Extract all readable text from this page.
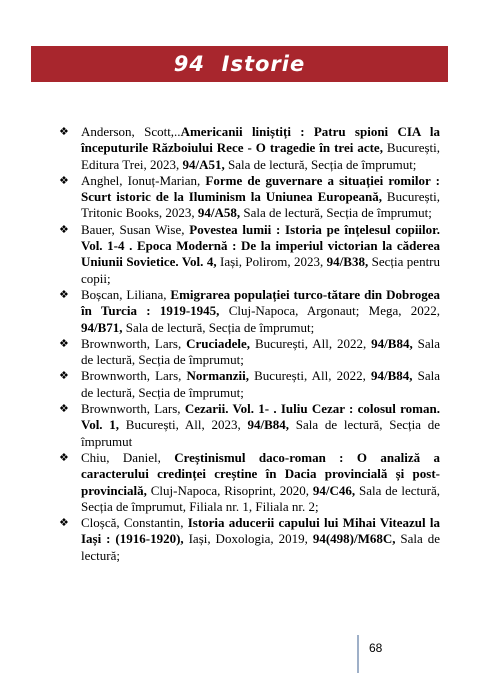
94  Istorie
❖ Anderson, Scott,..Americanii liniștiți : Patru spioni CIA la începuturile Războiului Rece - O tragedie în trei acte, București, Editura Trei, 2023, 94/A51, Sala de lectură, Secția de împrumut;
❖ Anghel, Ionuț-Marian, Forme de guvernare a situației romilor : Scurt istoric de la Iluminism la Uniunea Europeană, București, Tritonic Books, 2023, 94/A58, Sala de lectură, Secția de împrumut;
❖ Bauer, Susan Wise, Povestea lumii : Istoria pe înțelesul copiilor. Vol. 1-4 . Epoca Modernă : De la imperiul victorian la căderea Uniunii Sovietice. Vol. 4, Iași, Polirom, 2023, 94/B38, Secția pentru copii;
❖ Boșcan, Liliana, Emigrarea populației turco-tătare din Dobrogea în Turcia : 1919-1945, Cluj-Napoca, Argonaut; Mega, 2022, 94/B71, Sala de lectură, Secția de împrumut;
❖ Brownworth, Lars, Cruciadele, București, All, 2022, 94/B84, Sala de lectură, Secția de împrumut;
❖ Brownworth, Lars, Normanzii, București, All, 2022, 94/B84, Sala de lectură, Secția de împrumut;
❖ Brownworth, Lars, Cezarii. Vol. 1- . Iuliu Cezar : colosul roman. Vol. 1, București, All, 2023, 94/B84, Sala de lectură, Secția de împrumut
❖ Chiu, Daniel, Creștinismul daco-roman : O analiză a caracterului credinței creștine în Dacia provincială și post-provincială, Cluj-Napoca, Risoprint, 2020, 94/C46, Sala de lectură, Secția de împrumut, Filiala nr. 1, Filiala nr. 2;
❖ Cloșcă, Constantin, Istoria aducerii capului lui Mihai Viteazul la Iași : (1916-1920), Iași, Doxologia, 2019, 94(498)/M68C, Sala de lectură;
68
